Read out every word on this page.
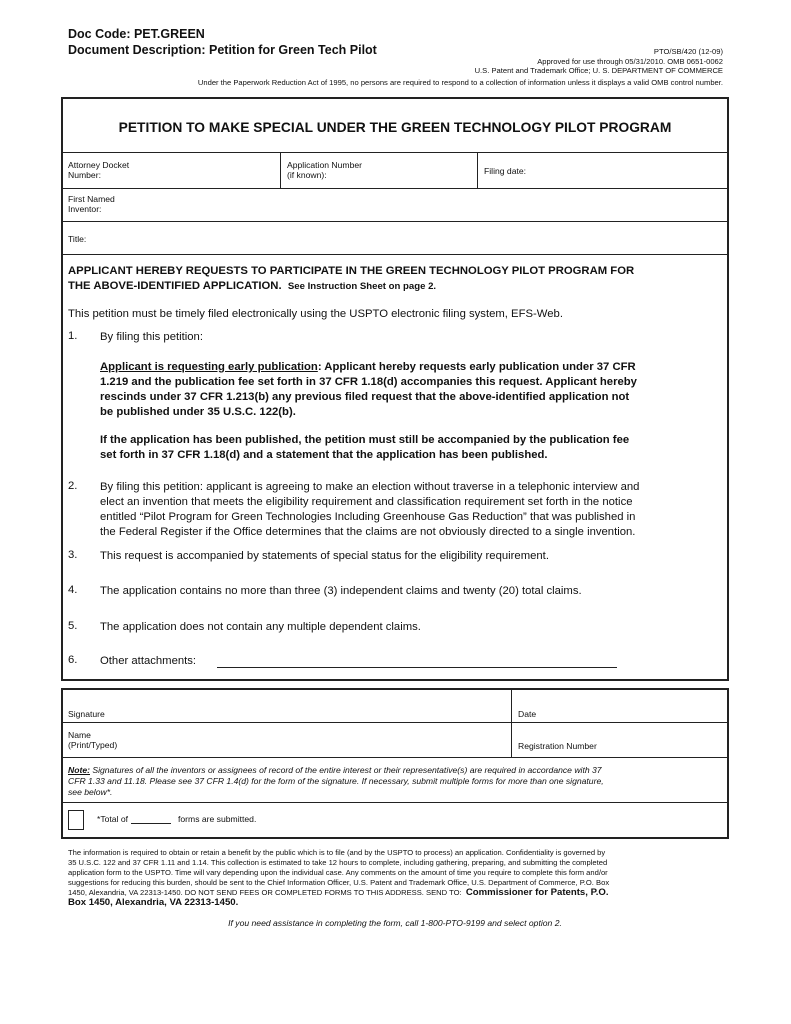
Doc Code: PET.GREEN
Document Description: Petition for Green Tech Pilot	PTO/SB/420 (12-09)
Approved for use through 05/31/2010. OMB 0651-0062
U.S. Patent and Trademark Office; U. S. DEPARTMENT OF COMMERCE
Under the Paperwork Reduction Act of 1995, no persons are required to respond to a collection of information unless it displays a valid OMB control number.
PETITION TO MAKE SPECIAL UNDER THE GREEN TECHNOLOGY PILOT PROGRAM
Attorney Docket
Number:
Application Number
(if known):	Filing date:
First Named
Inventor:
Title:
APPLICANT HEREBY REQUESTS TO PARTICIPATE IN THE GREEN TECHNOLOGY PILOT PROGRAM FOR
THE ABOVE-IDENTIFIED APPLICATION. See Instruction Sheet on page 2.
This petition must be timely filed electronically using the USPTO electronic filing system, EFS-Web.
1. By filing this petition:
Applicant is requesting early publication: Applicant hereby requests early publication under 37 CFR
1.219 and the publication fee set forth in 37 CFR 1.18(d) accompanies this request. Applicant hereby
rescinds under 37 CFR 1.213(b) any previous filed request that the above-identified application not
be published under 35 U.S.C. 122(b).
If the application has been published, the petition must still be accompanied by the publication fee
set forth in 37 CFR 1.18(d) and a statement that the application has been published.
2. By filing this petition: applicant is agreeing to make an election without traverse in a telephonic interview and
elect an invention that meets the eligibility requirement and classification requirement set forth in the notice
entitled “Pilot Program for Green Technologies Including Greenhouse Gas Reduction” that was published in
the Federal Register if the Office determines that the claims are not obviously directed to a single invention.
3. This request is accompanied by statements of special status for the eligibility requirement.
4. The application contains no more than three (3) independent claims and twenty (20) total claims.
5. The application does not contain any multiple dependent claims.
6. Other attachments:
Signature	Date
Name
(Print/Typed)	Registration Number
Note: Signatures of all the inventors or assignees of record of the entire interest or their representative(s) are required in accordance with 37
CFR 1.33 and 11.18. Please see 37 CFR 1.4(d) for the form of the signature. If necessary, submit multiple forms for more than one signature,
see below*.
*Total of	forms are submitted.
The information is required to obtain or retain a benefit by the public which is to file (and by the USPTO to process) an application. Confidentiality is governed by
35 U.S.C. 122 and 37 CFR 1.11 and 1.14. This collection is estimated to take 12 hours to complete, including gathering, preparing, and submitting the completed
application form to the USPTO. Time will vary depending upon the individual case. Any comments on the amount of time you require to complete this form and/or
suggestions for reducing this burden, should be sent to the Chief Information Officer, U.S. Patent and Trademark Office, U.S. Department of Commerce, P.O. Box
1450, Alexandria, VA 22313-1450. DO NOT SEND FEES OR COMPLETED FORMS TO THIS ADDRESS. SEND TO: Commissioner for Patents, P.O.
Box 1450, Alexandria, VA 22313-1450.
If you need assistance in completing the form, call 1-800-PTO-9199 and select option 2.
